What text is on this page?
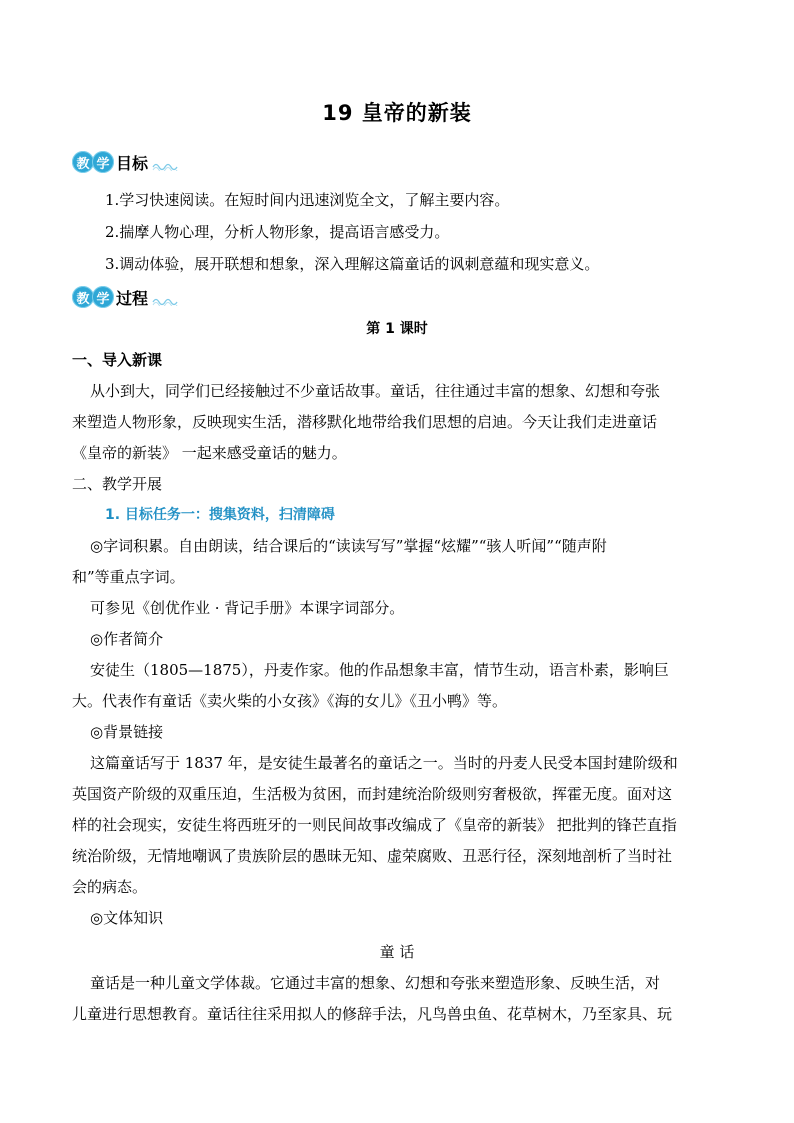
19 皇帝的新装
教 学 目标
1.学习快速阅读。在短时间内迅速浏览全文，了解主要内容。
2.揣摩人物心理，分析人物形象，提高语言感受力。
3.调动体验，展开联想和想象，深入理解这篇童话的讽刺意蕴和现实意义。
教 学 过程
第 1 课时
一、导入新课
从小到大，同学们已经接触过不少童话故事。童话，往往通过丰富的想象、幻想和夸张
来塑造人物形象，反映现实生活，潜移默化地带给我们思想的启迪。今天让我们走进童话
《皇帝的新装》 一起来感受童话的魅力。
二、教学开展
1. 目标任务一：搜集资料，扫清障碍
◎字词积累。自由朗读，结合课后的“读读写写”掌握“炫耀”“骇人听闻”“随声附
和”等重点字词。
可参见《创优作业 · 背记手册》本课字词部分。
◎作者简介
安徒生（1805—1875），丹麦作家。他的作品想象丰富，情节生动，语言朴素，影响巨
大。代表作有童话《卖火柴的小女孩》《海的女儿》《丑小鸭》等。
◎背景链接
这篇童话写于 1837 年，是安徒生最著名的童话之一。当时的丹麦人民受本国封建阶级和
英国资产阶级的双重压迫，生活极为贫困，而封建统治阶级则穷奢极欲，挥霍无度。面对这
样的社会现实，安徒生将西班牙的一则民间故事改编成了《皇帝的新装》 把批判的锋芒直指
统治阶级，无情地嘲讽了贵族阶层的愚昧无知、虚荣腐败、丑恶行径，深刻地剖析了当时社
会的病态。
◎文体知识
童 话
童话是一种儿童文学体裁。它通过丰富的想象、幻想和夸张来塑造形象、反映生活，对
儿童进行思想教育。童话往往采用拟人的修辞手法，凡鸟兽虫鱼、花草树木，乃至家具、玩
